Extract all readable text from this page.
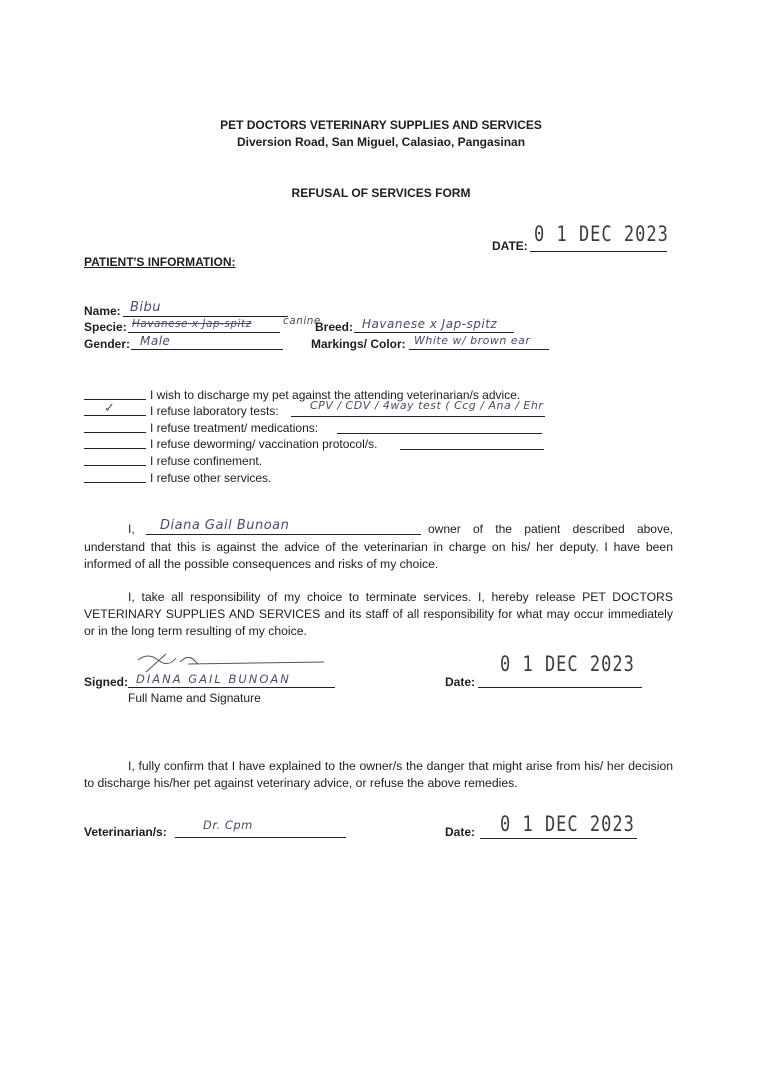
PET DOCTORS VETERINARY SUPPLIES AND SERVICES
Diversion Road, San Miguel, Calasiao, Pangasinan
REFUSAL OF SERVICES FORM
DATE: 0 1 DEC 2023
PATIENT'S INFORMATION:
Name: Bibu
Specie: Havanese x Jap-spitz	canine
Breed: Havanese x Jap-spitz
Gender: Male	Markings/ Color: White w/ brown ear
I wish to discharge my pet against the attending veterinarian/s advice.
✓	I refuse laboratory tests:	CPV / CDV / 4way test ( Ccg / Ana / Ehr
I refuse treatment/ medications:
I refuse deworming/ vaccination protocol/s.
I refuse confinement.
I refuse other services.
I, Diana Gail Bunoan	owner of the patient described above,

understand that this is against the advice of the veterinarian in charge on his/ her deputy. I have been informed of all the possible consequences and risks of my choice.

I, take all responsibility of my choice to terminate services. I, hereby release PET DOCTORS VETERINARY SUPPLIES AND SERVICES and its staff of all responsibility for what may occur immediately or in the long term resulting of my choice.

Signed: DIANA GAIL BUNOAN
Full Name and Signature
Date:
0 1 DEC 2023

I, fully confirm that I have explained to the owner/s the danger that might arise from his/ her decision to discharge his/her pet against veterinary advice, or refuse the above remedies.

Veterinarian/s:	Dr. Cpm	Date: 0 1 DEC 2023
